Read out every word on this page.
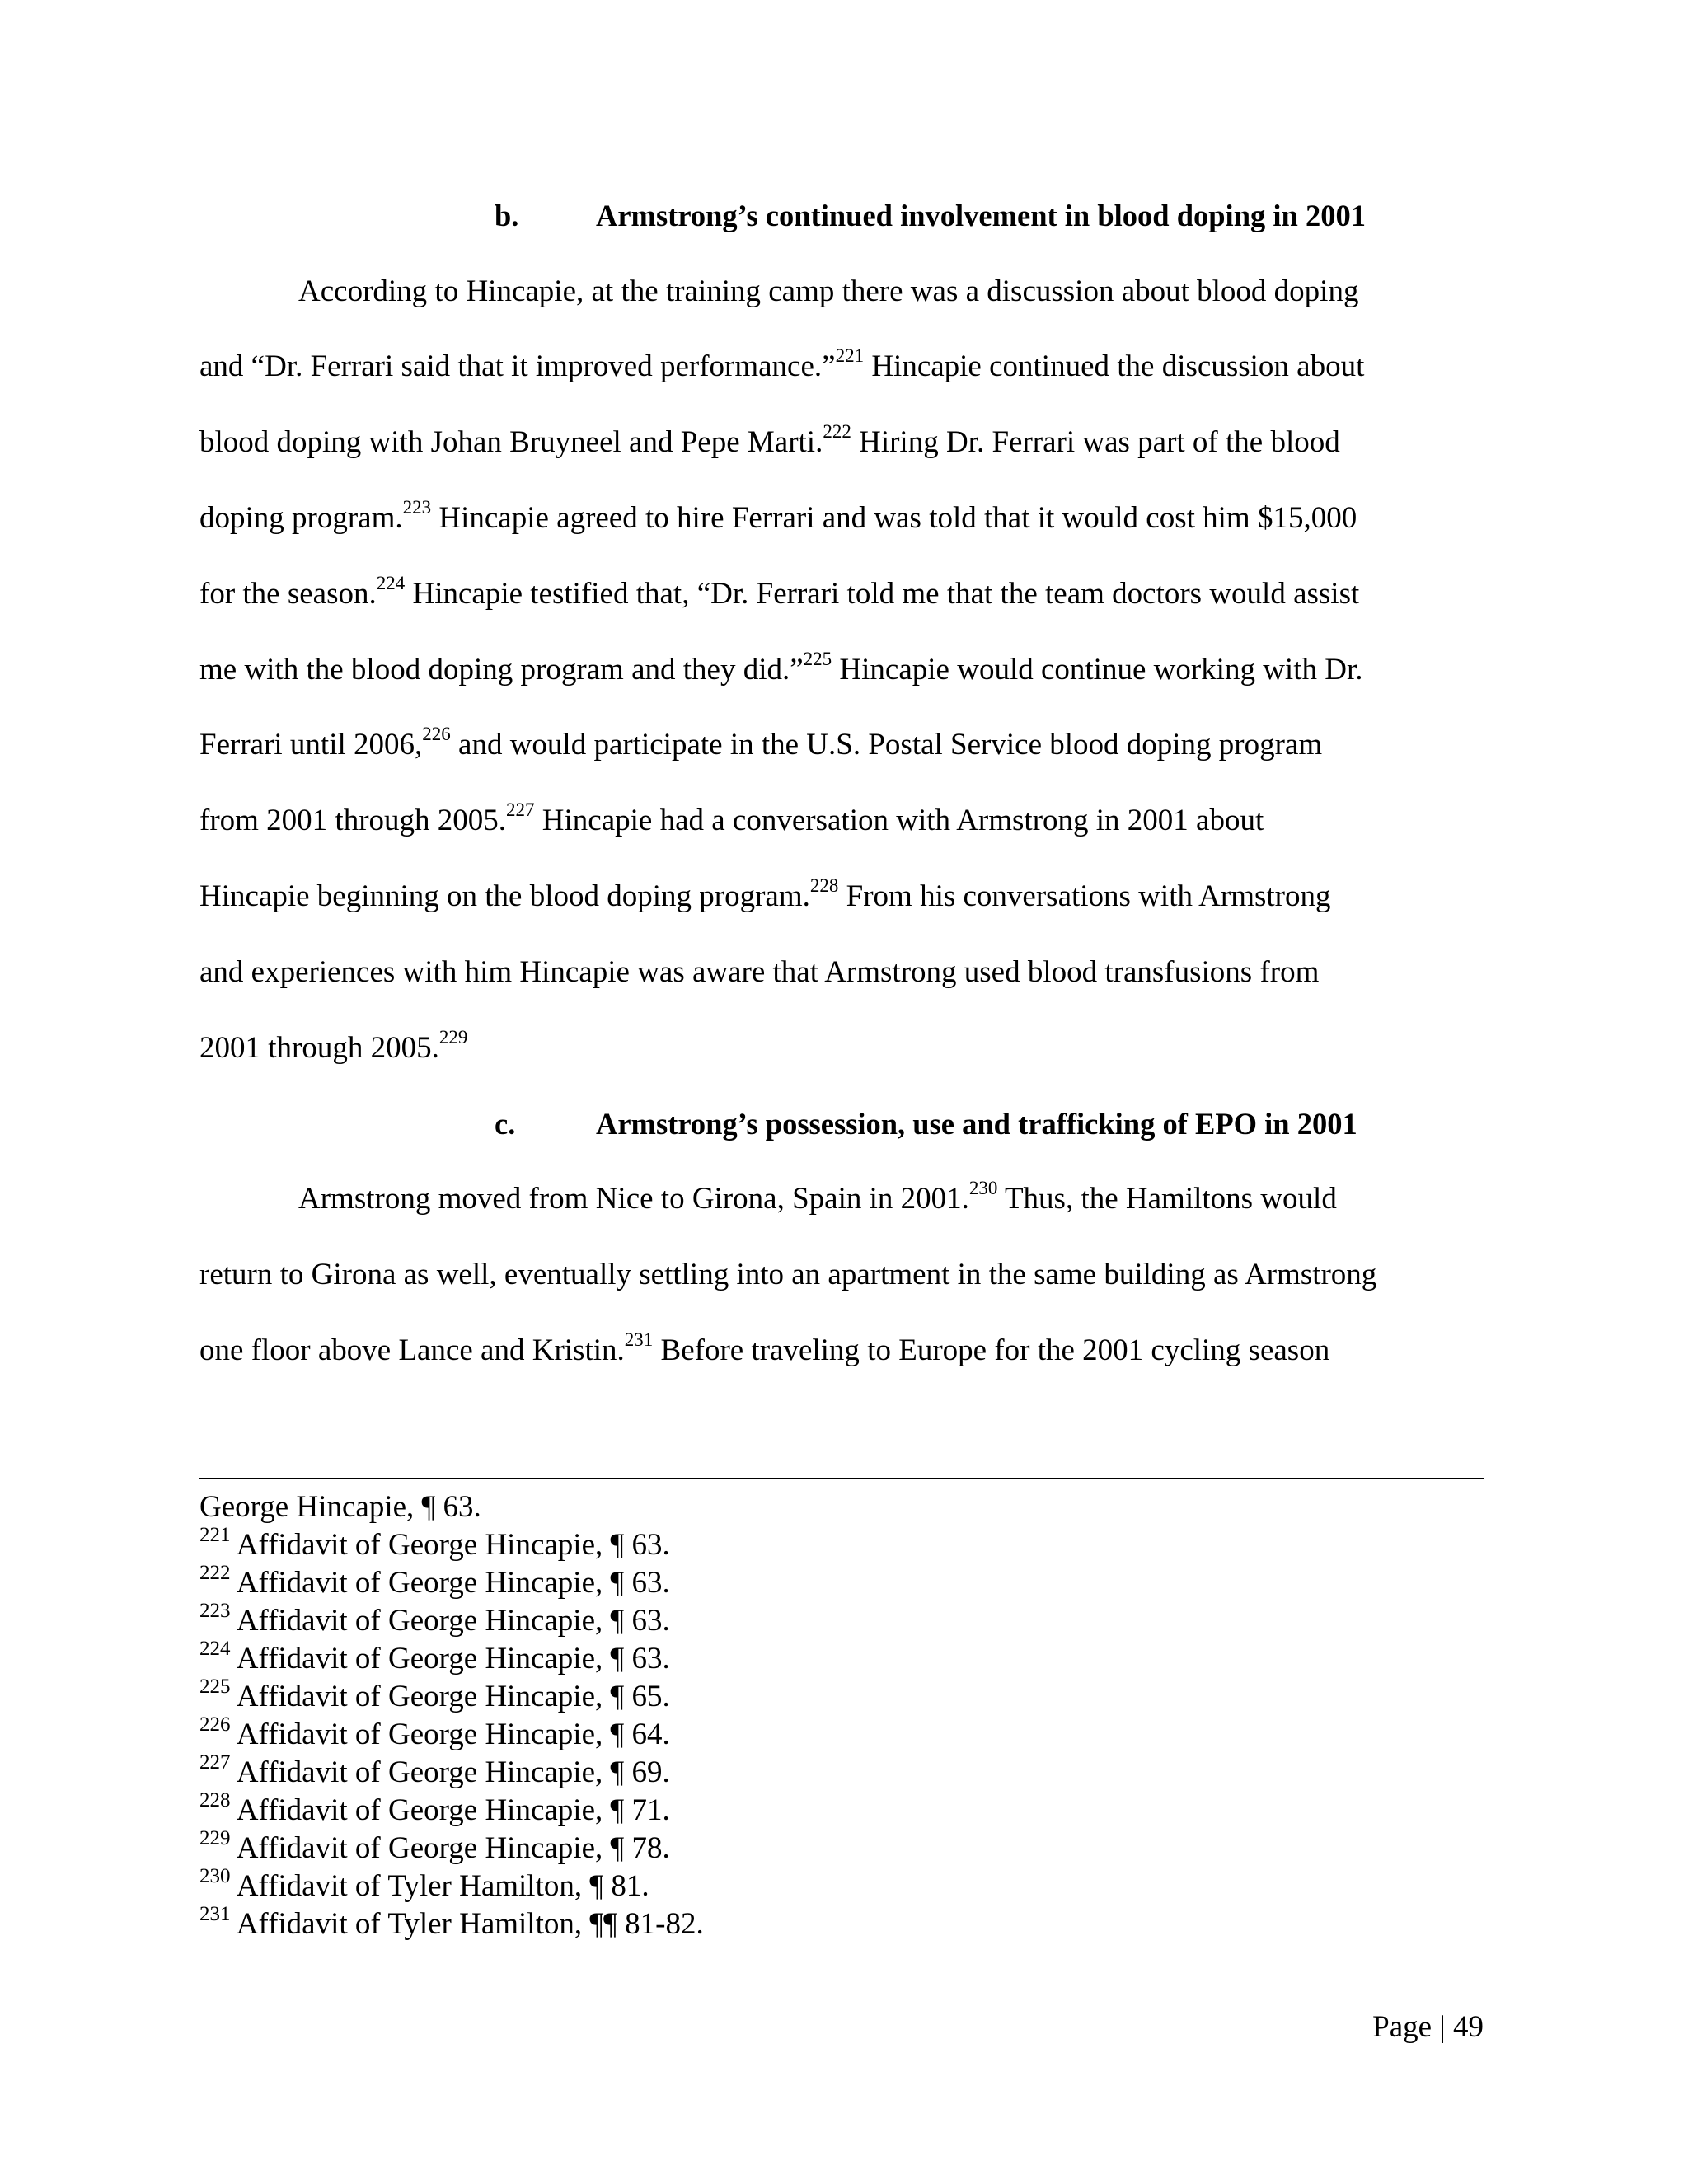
b.	Armstrong’s continued involvement in blood doping in 2001
According to Hincapie, at the training camp there was a discussion about blood doping
and “Dr. Ferrari said that it improved performance.”$^{221}$ Hincapie continued the discussion about
blood doping with Johan Bruyneel and Pepe Marti.$^{222}$ Hiring Dr. Ferrari was part of the blood
doping program.$^{223}$ Hincapie agreed to hire Ferrari and was told that it would cost him $15,000
for the season.$^{224}$ Hincapie testified that, “Dr. Ferrari told me that the team doctors would assist
me with the blood doping program and they did.”$^{225}$ Hincapie would continue working with Dr.
Ferrari until 2006,$^{226}$ and would participate in the U.S. Postal Service blood doping program
from 2001 through 2005.$^{227}$ Hincapie had a conversation with Armstrong in 2001 about
Hincapie beginning on the blood doping program.$^{228}$ From his conversations with Armstrong
and experiences with him Hincapie was aware that Armstrong used blood transfusions from
2001 through 2005.$^{229}$
c.	Armstrong’s possession, use and trafficking of EPO in 2001
Armstrong moved from Nice to Girona, Spain in 2001.$^{230}$ Thus, the Hamiltons would
return to Girona as well, eventually settling into an apartment in the same building as Armstrong
one floor above Lance and Kristin.$^{231}$ Before traveling to Europe for the 2001 cycling season
George Hincapie, ¶ 63.
$^{221}$ Affidavit of George Hincapie, ¶ 63.
$^{222}$ Affidavit of George Hincapie, ¶ 63.
$^{223}$ Affidavit of George Hincapie, ¶ 63.
$^{224}$ Affidavit of George Hincapie, ¶ 63.
$^{225}$ Affidavit of George Hincapie, ¶ 65.
$^{226}$ Affidavit of George Hincapie, ¶ 64.
$^{227}$ Affidavit of George Hincapie, ¶ 69.
$^{228}$ Affidavit of George Hincapie, ¶ 71.
$^{229}$ Affidavit of George Hincapie, ¶ 78.
$^{230}$ Affidavit of Tyler Hamilton, ¶ 81.
$^{231}$ Affidavit of Tyler Hamilton, ¶¶ 81-82.
Page | 49
